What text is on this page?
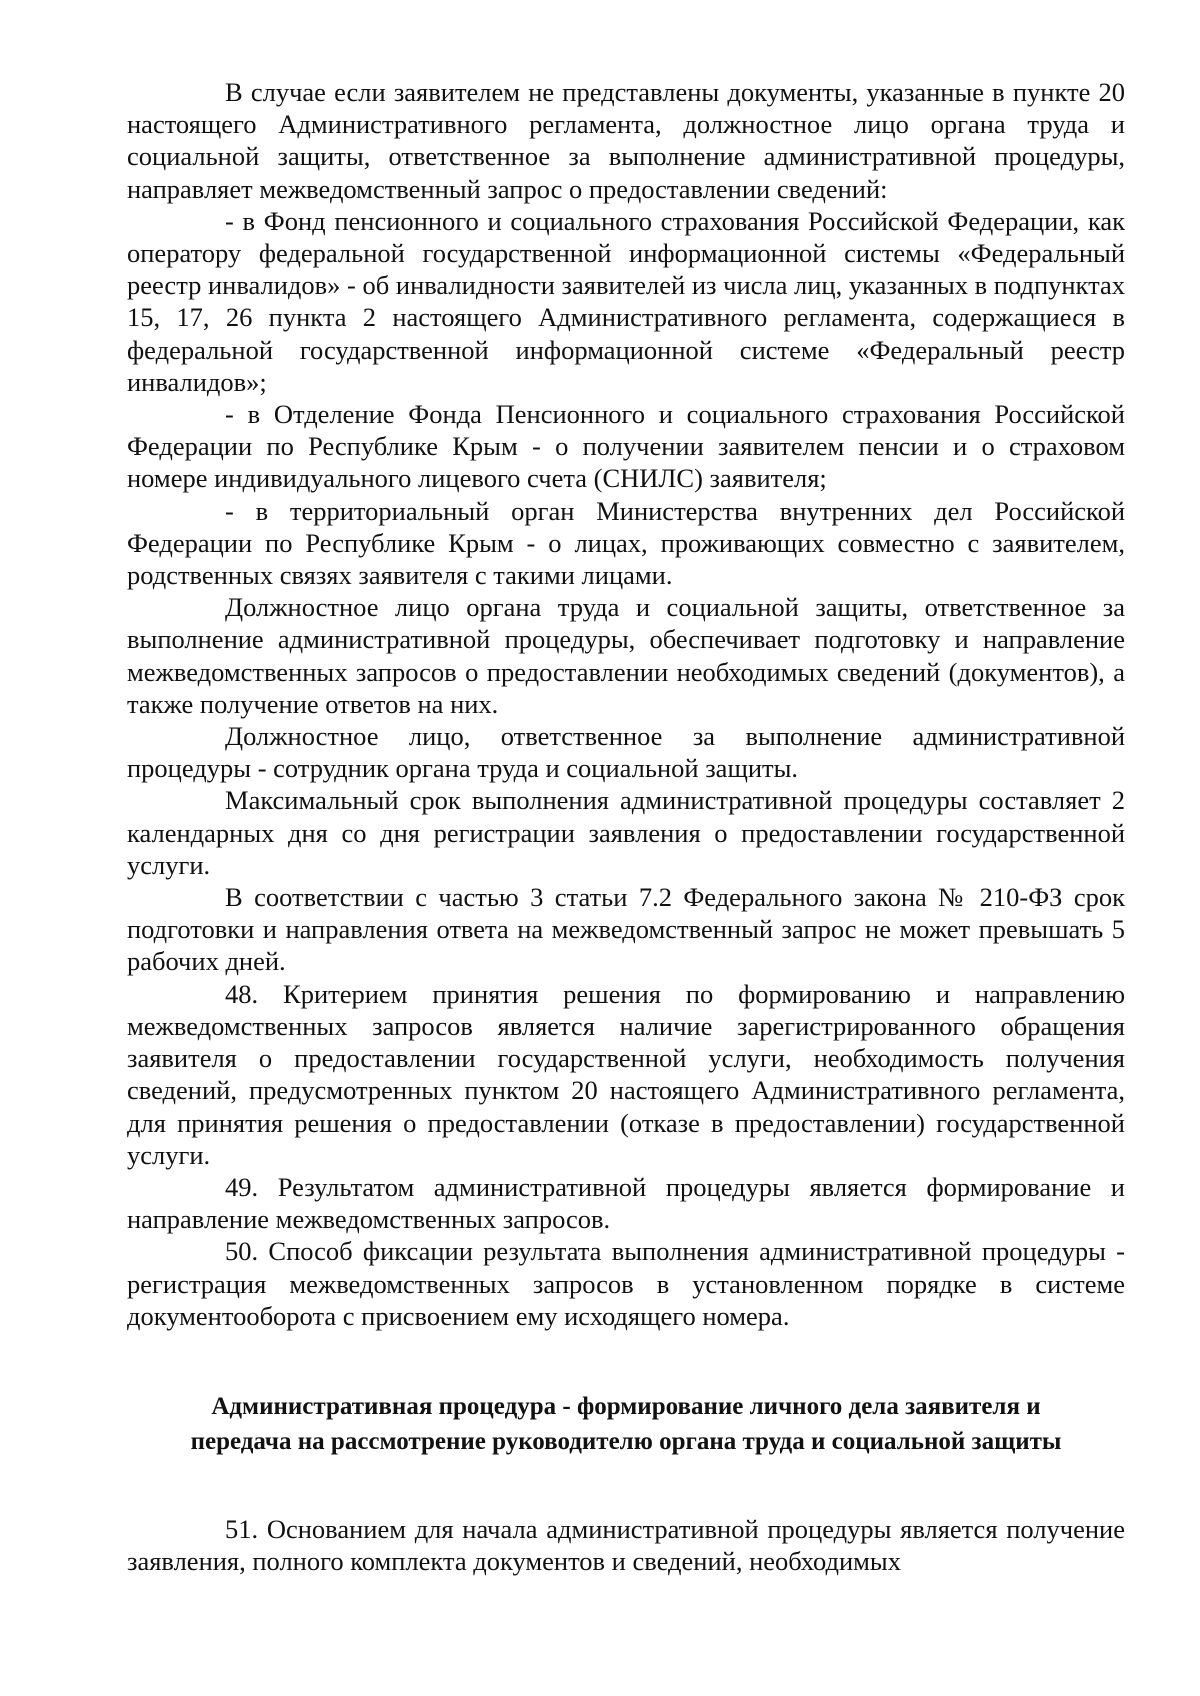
В случае если заявителем не представлены документы, указанные в пункте 20 настоящего Административного регламента, должностное лицо органа труда и социальной защиты, ответственное за выполнение административной процедуры, направляет межведомственный запрос о предоставлении сведений:

- в Фонд пенсионного и социального страхования Российской Федерации, как оператору федеральной государственной информационной системы «Федеральный реестр инвалидов» - об инвалидности заявителей из числа лиц, указанных в подпунктах 15, 17, 26 пункта 2 настоящего Административного регламента, содержащиеся в федеральной государственной информационной системе «Федеральный реестр инвалидов»;

- в Отделение Фонда Пенсионного и социального страхования Российской Федерации по Республике Крым - о получении заявителем пенсии и о страховом номере индивидуального лицевого счета (СНИЛС) заявителя;

- в территориальный орган Министерства внутренних дел Российской Федерации по Республике Крым - о лицах, проживающих совместно с заявителем, родственных связях заявителя с такими лицами.

Должностное лицо органа труда и социальной защиты, ответственное за выполнение административной процедуры, обеспечивает подготовку и направление межведомственных запросов о предоставлении необходимых сведений (документов), а также получение ответов на них.

Должностное лицо, ответственное за выполнение административной процедуры - сотрудник органа труда и социальной защиты.

Максимальный срок выполнения административной процедуры составляет 2 календарных дня со дня регистрации заявления о предоставлении государственной услуги.

В соответствии с частью 3 статьи 7.2 Федерального закона № 210-ФЗ срок подготовки и направления ответа на межведомственный запрос не может превышать 5 рабочих дней.

48. Критерием принятия решения по формированию и направлению межведомственных запросов является наличие зарегистрированного обращения заявителя о предоставлении государственной услуги, необходимость получения сведений, предусмотренных пунктом 20 настоящего Административного регламента, для принятия решения о предоставлении (отказе в предоставлении) государственной услуги.

49. Результатом административной процедуры является формирование и направление межведомственных запросов.

50. Способ фиксации результата выполнения административной процедуры - регистрация межведомственных запросов в установленном порядке в системе документооборота с присвоением ему исходящего номера.

Административная процедура - формирование личного дела заявителя и
передача на рассмотрение руководителю органа труда и социальной защиты

51. Основанием для начала административной процедуры является получение заявления, полного комплекта документов и сведений, необходимых
